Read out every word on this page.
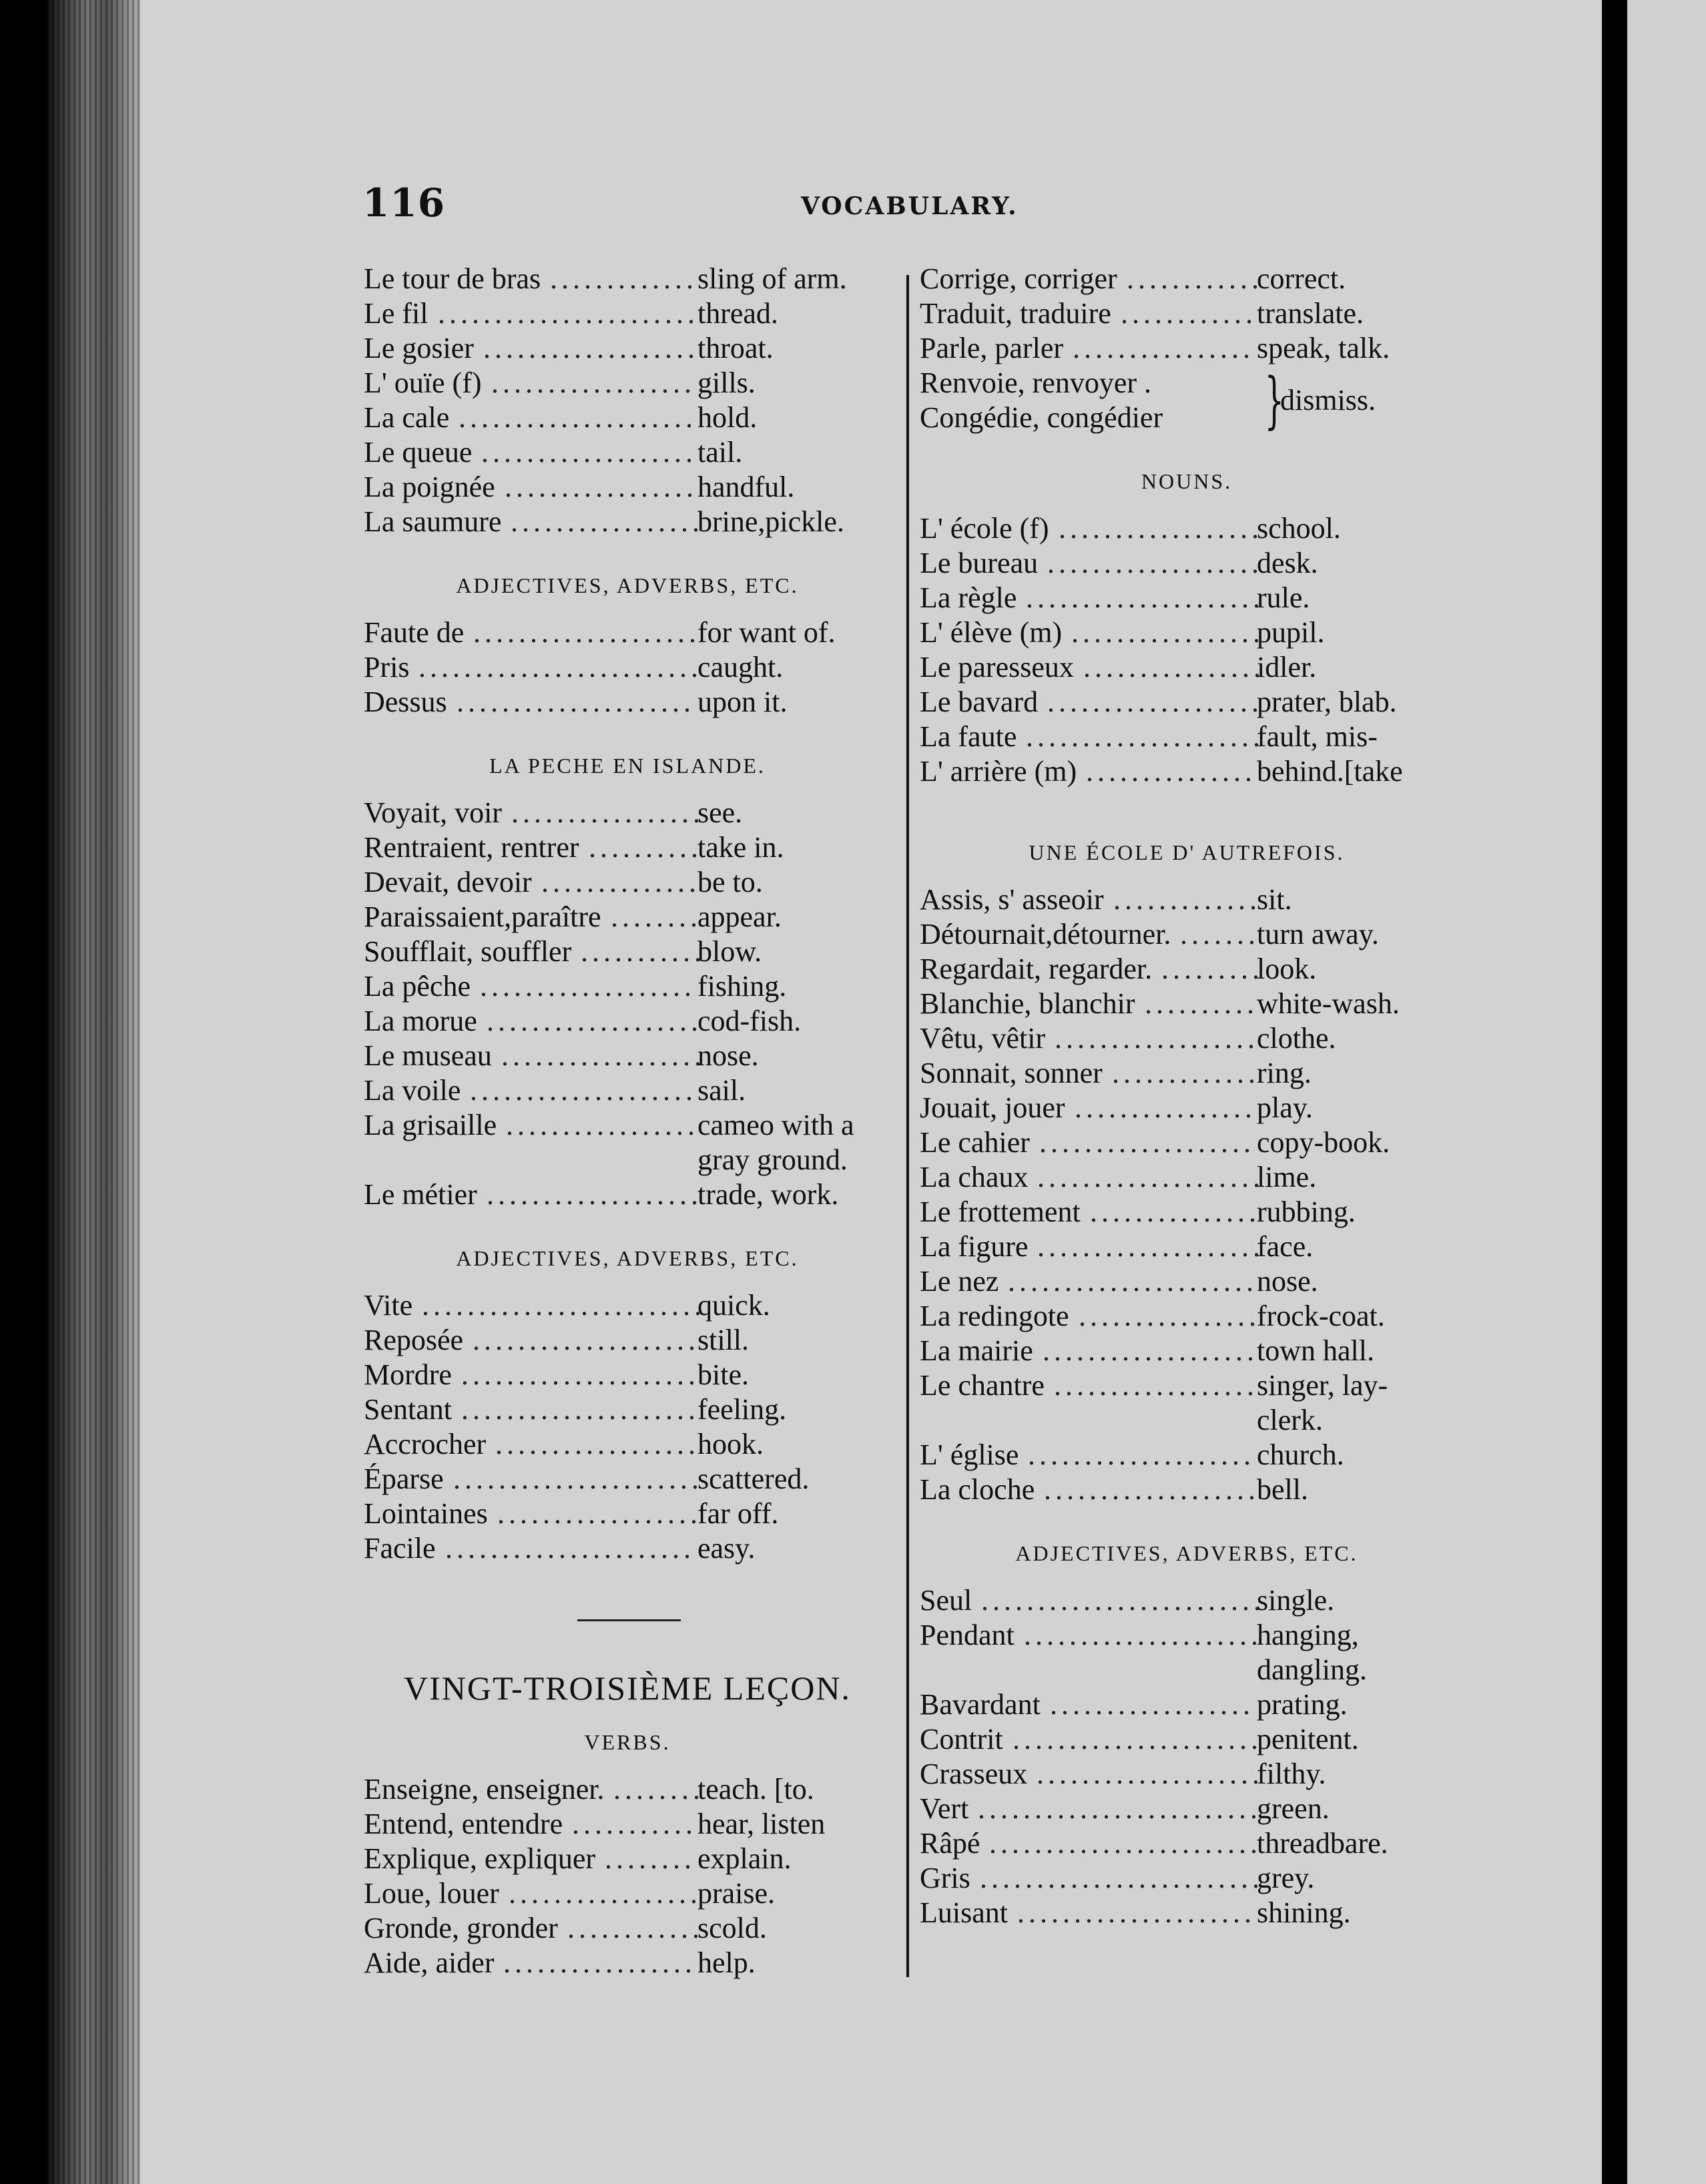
116	VOCABULARY.
Le tour de bras ............. sling of arm.
Le fil .......................
thread.
Le gosier ...................
throat.
L' ouïe (f) .................. gills.
La cale ..................... hold.
Le queue ................... tail.
La poignée ................. handful.
La saumure .................
brine,pickle.
ADJECTIVES, ADVERBS, ETC.
Faute de ....................
for want of.
Pris .........................
caught.
Dessus ..................... upon it.
LA PECHE EN ISLANDE.
Voyait, voir .................
see.
Rentraient, rentrer ..........
take in.
Devait, devoir ..............
be to.
Paraissaient,paraître ........
appear.
Soufflait, souffler ...........
blow.
La pêche ................... fishing.
La morue ...................
cod-fish.
Le museau ..................
nose.
La voile .................... sail.
La grisaille .................
cameo with a
gray ground.
Le métier ...................
trade, work.
ADJECTIVES, ADVERBS, ETC.
Vite .........................
quick.
Reposée ....................
still.
Mordre .....................
bite.
Sentant .....................
feeling.
Accrocher ..................
hook.
Éparse ......................
scattered.
Lointaines ..................
far off.
Facile ...................... easy.
VINGT-TROISIÈME LEÇON.
VERBS.
Enseigne, enseigner. ........
teach. [to.
Entend, entendre ........... hear, listen
Explique, expliquer ........ explain.
Loue, louer .................
praise.
Gronde, gronder ............
scold.
Aide, aider ................. help.
Corrige, corriger ............
correct.
Traduit, traduire ............ translate.
Parle, parler ................ speak, talk.
Renvoie, renvoyer .
Congédie, congédier }
dismiss.
NOUNS.
L' école (f) ..................
school.
Le bureau ...................
desk.
La règle .....................
rule.
L' élève (m) .................
pupil.
Le paresseux ................
idler.
Le bavard ...................
prater, blab.
La faute .....................
fault, mis-
L' arrière (m) ............... behind.[take
UNE ÉCOLE D' AUTREFOIS.
Assis, s' asseoir .............
sit.
Détournait,détourner. .......
turn away.
Regardait, regarder. .........
look.
Blanchie, blanchir ..........
white-wash.
Vêtu, vêtir ..................
clothe.
Sonnait, sonner .............
ring.
Jouait, jouer ................ play.
Le cahier ................... copy-book.
La chaux ....................
lime.
Le frottement ...............
rubbing.
La figure ....................
face.
Le nez ...................... nose.
La redingote ................
frock-coat.
La mairie ...................
town hall.
Le chantre ..................
singer, lay-
clerk.
L' église .................... church.
La cloche ...................
bell.
ADJECTIVES, ADVERBS, ETC.
Seul .........................
single.
Pendant .....................
hanging,
dangling.
Bavardant .................. prating.
Contrit ......................
penitent.
Crasseux ....................
filthy.
Vert .........................
green.
Râpé ........................
threadbare.
Gris .........................
grey.
Luisant ..................... shining.
